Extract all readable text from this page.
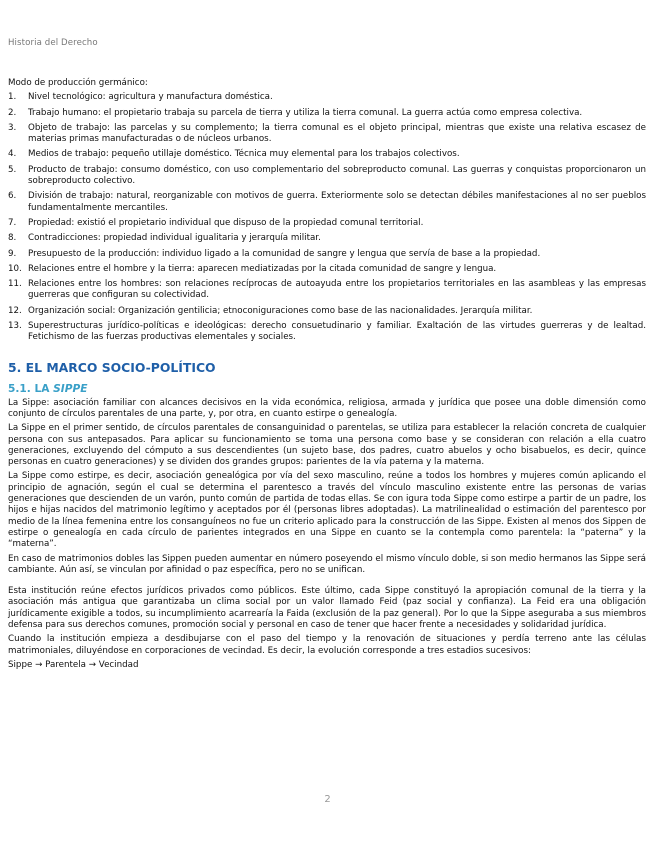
Historia del Derecho

Modo de producción germánico:

1. Nivel tecnológico: agricultura y manufactura doméstica.
2. Trabajo humano: el propietario trabaja su parcela de tierra y utiliza la tierra comunal. La guerra actúa como empresa colectiva.
3. Objeto de trabajo: las parcelas y su complemento; la tierra comunal es el objeto principal, mientras que existe una relativa escasez de materias primas manufacturadas o de núcleos urbanos.
4. Medios de trabajo: pequeño utillaje doméstico. Técnica muy elemental para los trabajos colectivos.
5. Producto de trabajo: consumo doméstico, con uso complementario del sobreproducto comunal. Las guerras y conquistas proporcionaron un sobreproducto colectivo.
6. División de trabajo: natural, reorganizable con motivos de guerra. Exteriormente solo se detectan débiles manifestaciones al no ser pueblos fundamentalmente mercantiles.
7. Propiedad: existió el propietario individual que dispuso de la propiedad comunal territorial.
8. Contradicciones: propiedad individual igualitaria y jerarquía militar.
9. Presupuesto de la producción: individuo ligado a la comunidad de sangre y lengua que servía de base a la propiedad.
10. Relaciones entre el hombre y la tierra: aparecen mediatizadas por la citada comunidad de sangre y lengua.
11. Relaciones entre los hombres: son relaciones recíprocas de autoayuda entre los propietarios territoriales en las asambleas y las empresas guerreras que configuran su colectividad.
12. Organización social: Organización gentilicia; etnoconiguraciones como base de las nacionalidades. Jerarquía militar.
13. Superestructuras jurídico-políticas e ideológicas: derecho consuetudinario y familiar. Exaltación de las virtudes guerreras y de lealtad. Fetichismo de las fuerzas productivas elementales y sociales.
5. EL MARCO SOCIO-POLÍTICO
5.1. LA SIPPE

La Sippe: asociación familiar con alcances decisivos en la vida económica, religiosa, armada y jurídica que posee una doble dimensión como conjunto de círculos parentales de una parte, y, por otra, en cuanto estirpe o genealogía.

La Sippe en el primer sentido, de círculos parentales de consanguinidad o parentelas, se utiliza para establecer la relación concreta de cualquier persona con sus antepasados. Para aplicar su funcionamiento se toma una persona como base y se consideran con relación a ella cuatro generaciones, excluyendo del cómputo a sus descendientes (un sujeto base, dos padres, cuatro abuelos y ocho bisabuelos, es decir, quince personas en cuatro generaciones) y se dividen dos grandes grupos: parientes de la vía paterna y la materna.

La Sippe como estirpe, es decir, asociación genealógica por vía del sexo masculino, reúne a todos los hombres y mujeres común aplicando el principio de agnación, según el cual se determina el parentesco a través del vínculo masculino existente entre las personas de varias generaciones que descienden de un varón, punto común de partida de todas ellas. Se con igura toda Sippe como estirpe a partir de un padre, los hijos e hijas nacidos del matrimonio legítimo y aceptados por él (personas libres adoptadas). La matrilinealidad o estimación del parentesco por medio de la línea femenina entre los consanguíneos no fue un criterio aplicado para la construcción de las Sippe. Existen al menos dos Sippen de estirpe o genealogía en cada círculo de parientes integrados en una Sippe en cuanto se la contempla como parentela: la “paterna” y la “materna”.

En caso de matrimonios dobles las Sippen pueden aumentar en número poseyendo el mismo vínculo doble, si son medio hermanos las Sippe será cambiante. Aún así, se vinculan por afinidad o paz específica, pero no se unifican.

Esta institución reúne efectos jurídicos privados como públicos. Este último, cada Sippe constituyó la apropiación comunal de la tierra y la asociación más antigua que garantizaba un clima social por un valor llamado Feid (paz social y confianza). La Feid era una obligación jurídicamente exigible a todos, su incumplimiento acarrearía la Faida (exclusión de la paz general). Por lo que la Sippe aseguraba a sus miembros defensa para sus derechos comunes, promoción social y personal en caso de tener que hacer frente a necesidades y solidaridad jurídica.

Cuando la institución empieza a desdibujarse con el paso del tiempo y la renovación de situaciones y perdía terreno ante las células matrimoniales, diluyéndose en corporaciones de vecindad. Es decir, la evolución corresponde a tres estadios sucesivos:

Sippe → Parentela → Vecindad

2
